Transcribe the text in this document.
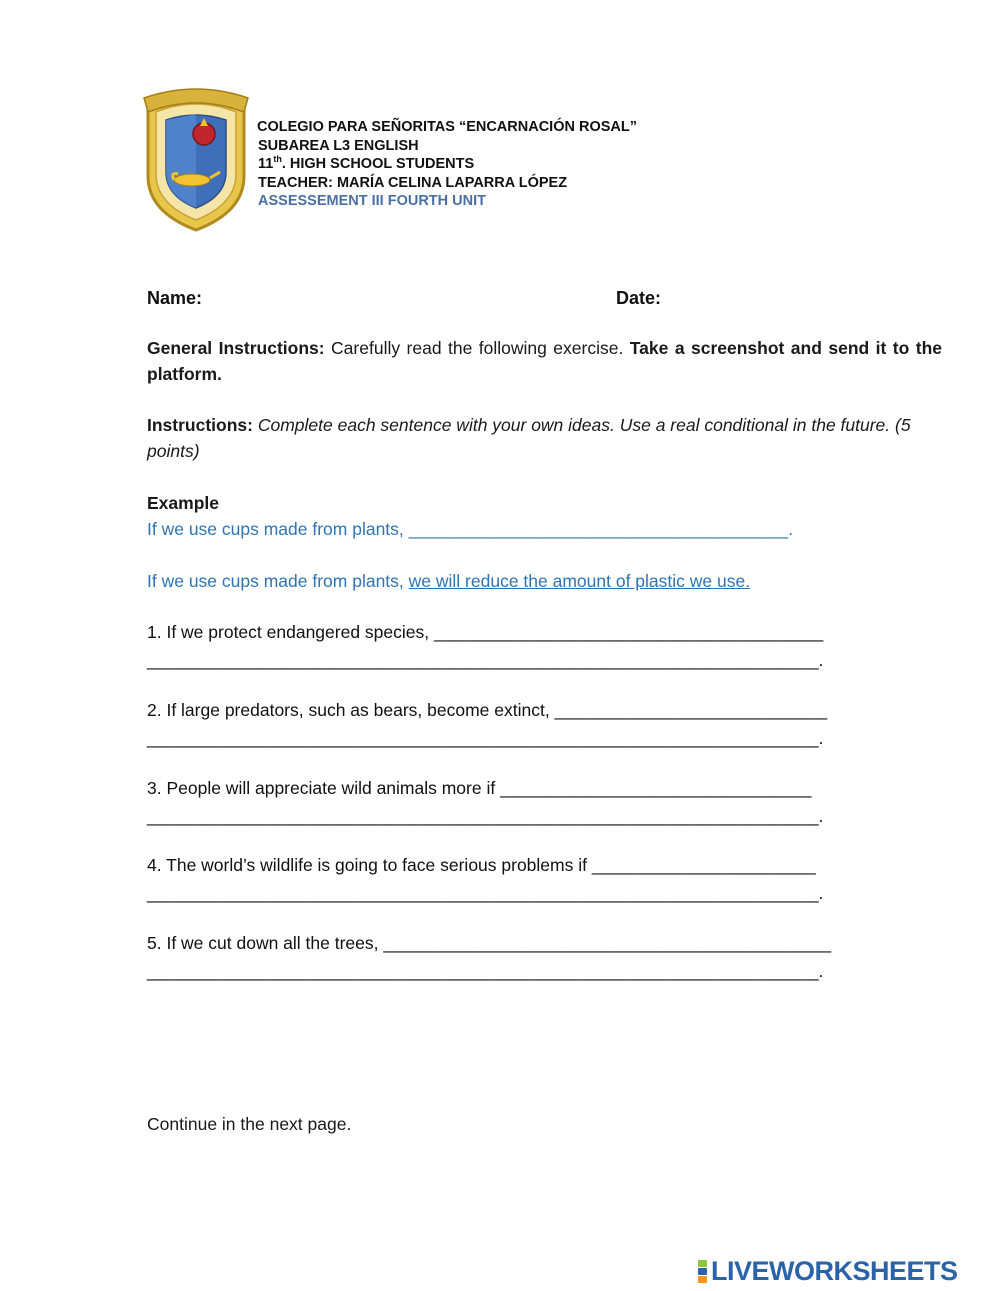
COLEGIO PARA SEÑORITAS “ENCARNACIÓN ROSAL”
SUBAREA L3 ENGLISH
11th. HIGH SCHOOL STUDENTS
TEACHER: MARÍA CELINA LAPARRA LÓPEZ
ASSESSEMENT III FOURTH UNIT
Name:	Date:
General Instructions: Carefully read the following exercise. Take a screenshot and send it to the platform.
Instructions: Complete each sentence with your own ideas. Use a real conditional in the future. (5 points)
Example
If we use cups made from plants, _______________________________________.
If we use cups made from plants, we will reduce the amount of plastic we use.
1. If we protect endangered species, ________________________________________
_____________________________________________________________________.
2. If large predators, such as bears, become extinct, ____________________________
_____________________________________________________________________.
3. People will appreciate wild animals more if ________________________________
_____________________________________________________________________.
4. The world’s wildlife is going to face serious problems if _______________________
_____________________________________________________________________.
5. If we cut down all the trees, ______________________________________________
_____________________________________________________________________.
Continue in the next page.
LIVEWORKSHEETS
